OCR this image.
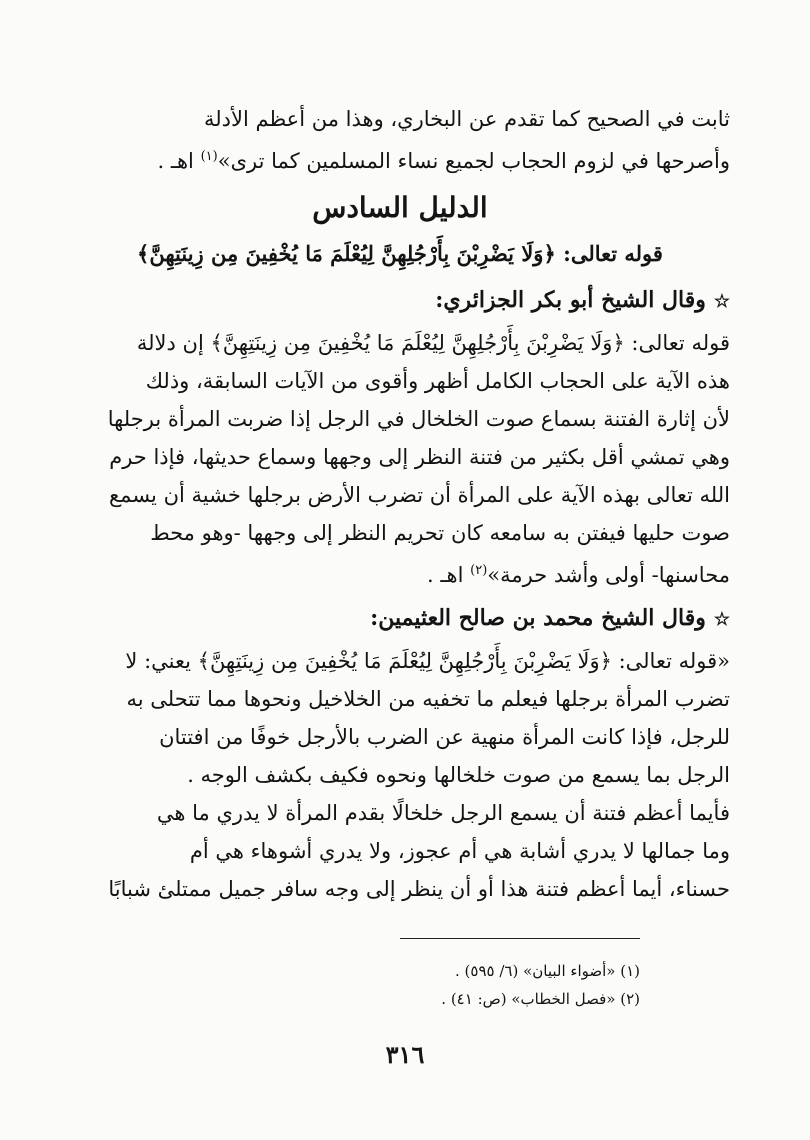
ثابت في الصحيح كما تقدم عن البخاري، وهذا من أعظم الأدلة

وأصرحها في لزوم الحجاب لجميع نساء المسلمين كما ترى»$^{(١)}$ اهـ .

الدليل السادس
قوله تعالى: ﴿وَلَا يَضْرِبْنَ بِأَرْجُلِهِنَّ لِيُعْلَمَ مَا يُخْفِينَ مِن زِينَتِهِنَّ﴾
☆وقال الشيخ أبو بكر الجزائري:

قوله تعالى: ﴿وَلَا يَضْرِبْنَ بِأَرْجُلِهِنَّ لِيُعْلَمَ مَا يُخْفِينَ مِن زِينَتِهِنَّ﴾ إن دلالة

هذه الآية على الحجاب الكامل أظهر وأقوى من الآيات السابقة، وذلك

لأن إثارة الفتنة بسماع صوت الخلخال في الرجل إذا ضربت المرأة برجلها

وهي تمشي أقل بكثير من فتنة النظر إلى وجهها وسماع حديثها، فإذا حرم

الله تعالى بهذه الآية على المرأة أن تضرب الأرض برجلها خشية أن يسمع

صوت حليها فيفتن به سامعه كان تحريم النظر إلى وجهها -وهو محط

محاسنها- أولى وأشد حرمة»$^{(٢)}$ اهـ .

☆وقال الشيخ محمد بن صالح العثيمين:

«قوله تعالى: ﴿وَلَا يَضْرِبْنَ بِأَرْجُلِهِنَّ لِيُعْلَمَ مَا يُخْفِينَ مِن زِينَتِهِنَّ﴾ يعني: لا

تضرب المرأة برجلها فيعلم ما تخفيه من الخلاخيل ونحوها مما تتحلى به

للرجل، فإذا كانت المرأة منهية عن الضرب بالأرجل خوفًا من افتتان

الرجل بما يسمع من صوت خلخالها ونحوه فكيف بكشف الوجه .

فأيما أعظم فتنة أن يسمع الرجل خلخالًا بقدم المرأة لا يدري ما هي

وما جمالها لا يدري أشابة هي أم عجوز، ولا يدري أشوهاء هي أم

حسناء، أيما أعظم فتنة هذا أو أن ينظر إلى وجه سافر جميل ممتلئ شبابًا

(١) «أضواء البيان» (٦/ ٥٩٥) .

(٢) «فصل الخطاب» (ص: ٤١) .

٣١٦
